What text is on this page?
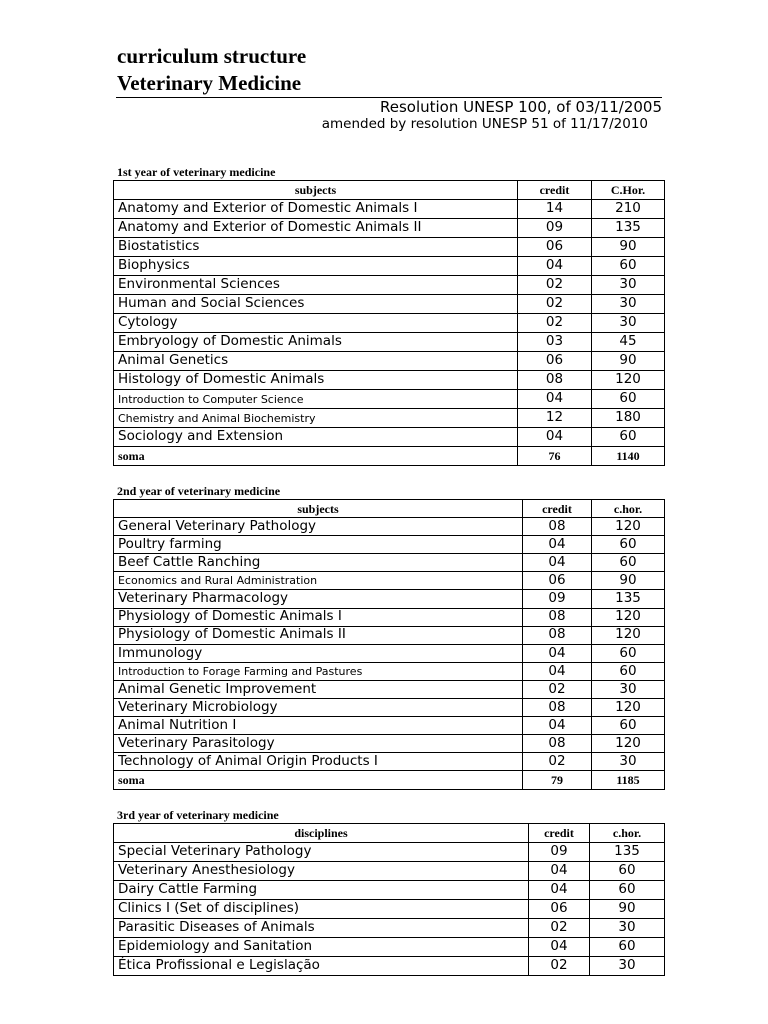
curriculum structure
Veterinary Medicine
Resolution UNESP 100, of 03/11/2005
amended by resolution UNESP 51 of 11/17/2010
1st year of veterinary medicine
subjects	credit	C.Hor.
Anatomy and Exterior of Domestic Animals I	14	210
Anatomy and Exterior of Domestic Animals II	09	135
Biostatistics	06	90
Biophysics	04	60
Environmental Sciences	02	30
Human and Social Sciences	02	30
Cytology	02	30
Embryology of Domestic Animals	03	45
Animal Genetics	06	90
Histology of Domestic Animals	08	120
Introduction to Computer Science	04	60
Chemistry and Animal Biochemistry	12	180
Sociology and Extension	04	60
soma	76	1140
2nd year of veterinary medicine
subjects	credit	c.hor.
General Veterinary Pathology	08	120
Poultry farming	04	60
Beef Cattle Ranching	04	60
Economics and Rural Administration	06	90
Veterinary Pharmacology	09	135
Physiology of Domestic Animals I	08	120
Physiology of Domestic Animals II	08	120
Immunology	04	60
Introduction to Forage Farming and Pastures	04	60
Animal Genetic Improvement	02	30
Veterinary Microbiology	08	120
Animal Nutrition I	04	60
Veterinary Parasitology	08	120
Technology of Animal Origin Products I	02	30
soma	79	1185
3rd year of veterinary medicine
disciplines	credit	c.hor.
Special Veterinary Pathology	09	135
Veterinary Anesthesiology	04	60
Dairy Cattle Farming	04	60
Clinics I (Set of disciplines)	06	90
Parasitic Diseases of Animals	02	30
Epidemiology and Sanitation	04	60
Ética Profissional e Legislação	02	30
